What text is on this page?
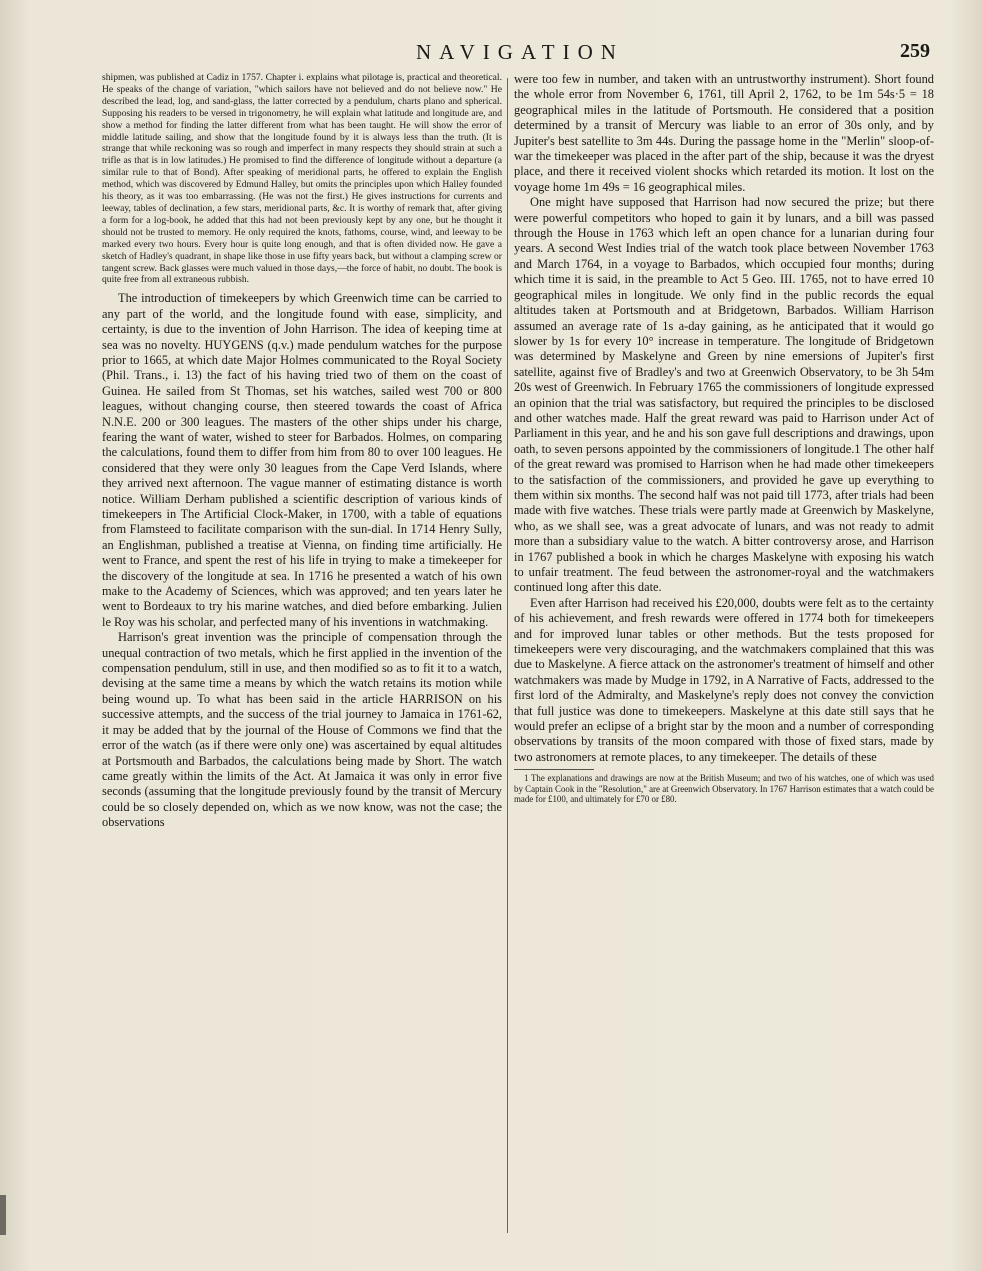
NAVIGATION	259

shipmen, was published at Cadiz in 1757. Chapter i. explains what pilotage is, practical and theoretical. He speaks of the change of variation, "which sailors have not believed and do not believe now." He described the lead, log, and sand-glass, the latter corrected by a pendulum, charts plano and spherical. Supposing his readers to be versed in trigonometry, he will explain what latitude and longitude are, and show a method for finding the latter different from what has been taught. He will show the error of middle latitude sailing, and show that the longitude found by it is always less than the truth. (It is strange that while reckoning was so rough and imperfect in many respects they should strain at such a trifle as that is in low latitudes.) He promised to find the difference of longitude without a departure (a similar rule to that of Bond). After speaking of meridional parts, he offered to explain the English method, which was discovered by Edmund Halley, but omits the principles upon which Halley founded his theory, as it was too embarrassing. (He was not the first.) He gives instructions for currents and leeway, tables of declination, a few stars, meridional parts, &c. It is worthy of remark that, after giving a form for a log-book, he added that this had not been previously kept by any one, but he thought it should not be trusted to memory. He only required the knots, fathoms, course, wind, and leeway to be marked every two hours. Every hour is quite long enough, and that is often divided now. He gave a sketch of Hadley's quadrant, in shape like those in use fifty years back, but without a clamping screw or tangent screw. Back glasses were much valued in those days,—the force of habit, no doubt. The book is quite free from all extraneous rubbish.

The introduction of timekeepers by which Greenwich time can be carried to any part of the world, and the longitude found with ease, simplicity, and certainty, is due to the invention of John Harrison. The idea of keeping time at sea was no novelty. HUYGENS (q.v.) made pendulum watches for the purpose prior to 1665, at which date Major Holmes communicated to the Royal Society (Phil. Trans., i. 13) the fact of his having tried two of them on the coast of Guinea. He sailed from St Thomas, set his watches, sailed west 700 or 800 leagues, without changing course, then steered towards the coast of Africa N.N.E. 200 or 300 leagues. The masters of the other ships under his charge, fearing the want of water, wished to steer for Barbados. Holmes, on comparing the calculations, found them to differ from him from 80 to over 100 leagues. He considered that they were only 30 leagues from the Cape Verd Islands, where they arrived next afternoon. The vague manner of estimating distance is worth notice. William Derham published a scientific description of various kinds of timekeepers in The Artificial Clock-Maker, in 1700, with a table of equations from Flamsteed to facilitate comparison with the sun-dial. In 1714 Henry Sully, an Englishman, published a treatise at Vienna, on finding time artificially. He went to France, and spent the rest of his life in trying to make a timekeeper for the discovery of the longitude at sea. In 1716 he presented a watch of his own make to the Academy of Sciences, which was approved; and ten years later he went to Bordeaux to try his marine watches, and died before embarking. Julien le Roy was his scholar, and perfected many of his inventions in watchmaking.

Harrison's great invention was the principle of compensation through the unequal contraction of two metals, which he first applied in the invention of the compensation pendulum, still in use, and then modified so as to fit it to a watch, devising at the same time a means by which the watch retains its motion while being wound up. To what has been said in the article HARRISON on his successive attempts, and the success of the trial journey to Jamaica in 1761-62, it may be added that by the journal of the House of Commons we find that the error of the watch (as if there were only one) was ascertained by equal altitudes at Portsmouth and Barbados, the calculations being made by Short. The watch came greatly within the limits of the Act. At Jamaica it was only in error five seconds (assuming that the longitude previously found by the transit of Mercury could be so closely depended on, which as we now know, was not the case; the observations

were too few in number, and taken with an untrustworthy instrument). Short found the whole error from November 6, 1761, till April 2, 1762, to be 1m 54s·5 = 18 geographical miles in the latitude of Portsmouth. He considered that a position determined by a transit of Mercury was liable to an error of 30s only, and by Jupiter's best satellite to 3m 44s. During the passage home in the "Merlin" sloop-of-war the timekeeper was placed in the after part of the ship, because it was the dryest place, and there it received violent shocks which retarded its motion. It lost on the voyage home 1m 49s = 16 geographical miles.

One might have supposed that Harrison had now secured the prize; but there were powerful competitors who hoped to gain it by lunars, and a bill was passed through the House in 1763 which left an open chance for a lunarian during four years. A second West Indies trial of the watch took place between November 1763 and March 1764, in a voyage to Barbados, which occupied four months; during which time it is said, in the preamble to Act 5 Geo. III. 1765, not to have erred 10 geographical miles in longitude. We only find in the public records the equal altitudes taken at Portsmouth and at Bridgetown, Barbados. William Harrison assumed an average rate of 1s a-day gaining, as he anticipated that it would go slower by 1s for every 10° increase in temperature. The longitude of Bridgetown was determined by Maskelyne and Green by nine emersions of Jupiter's first satellite, against five of Bradley's and two at Greenwich Observatory, to be 3h 54m 20s west of Greenwich. In February 1765 the commissioners of longitude expressed an opinion that the trial was satisfactory, but required the principles to be disclosed and other watches made. Half the great reward was paid to Harrison under Act of Parliament in this year, and he and his son gave full descriptions and drawings, upon oath, to seven persons appointed by the commissioners of longitude.1 The other half of the great reward was promised to Harrison when he had made other timekeepers to the satisfaction of the commissioners, and provided he gave up everything to them within six months. The second half was not paid till 1773, after trials had been made with five watches. These trials were partly made at Greenwich by Maskelyne, who, as we shall see, was a great advocate of lunars, and was not ready to admit more than a subsidiary value to the watch. A bitter controversy arose, and Harrison in 1767 published a book in which he charges Maskelyne with exposing his watch to unfair treatment. The feud between the astronomer-royal and the watchmakers continued long after this date.

Even after Harrison had received his £20,000, doubts were felt as to the certainty of his achievement, and fresh rewards were offered in 1774 both for timekeepers and for improved lunar tables or other methods. But the tests proposed for timekeepers were very discouraging, and the watchmakers complained that this was due to Maskelyne. A fierce attack on the astronomer's treatment of himself and other watchmakers was made by Mudge in 1792, in A Narrative of Facts, addressed to the first lord of the Admiralty, and Maskelyne's reply does not convey the conviction that full justice was done to timekeepers. Maskelyne at this date still says that he would prefer an eclipse of a bright star by the moon and a number of corresponding observations by transits of the moon compared with those of fixed stars, made by two astronomers at remote places, to any timekeeper. The details of these

1 The explanations and drawings are now at the British Museum; and two of his watches, one of which was used by Captain Cook in the "Resolution," are at Greenwich Observatory. In 1767 Harrison estimates that a watch could be made for £100, and ultimately for £70 or £80.
